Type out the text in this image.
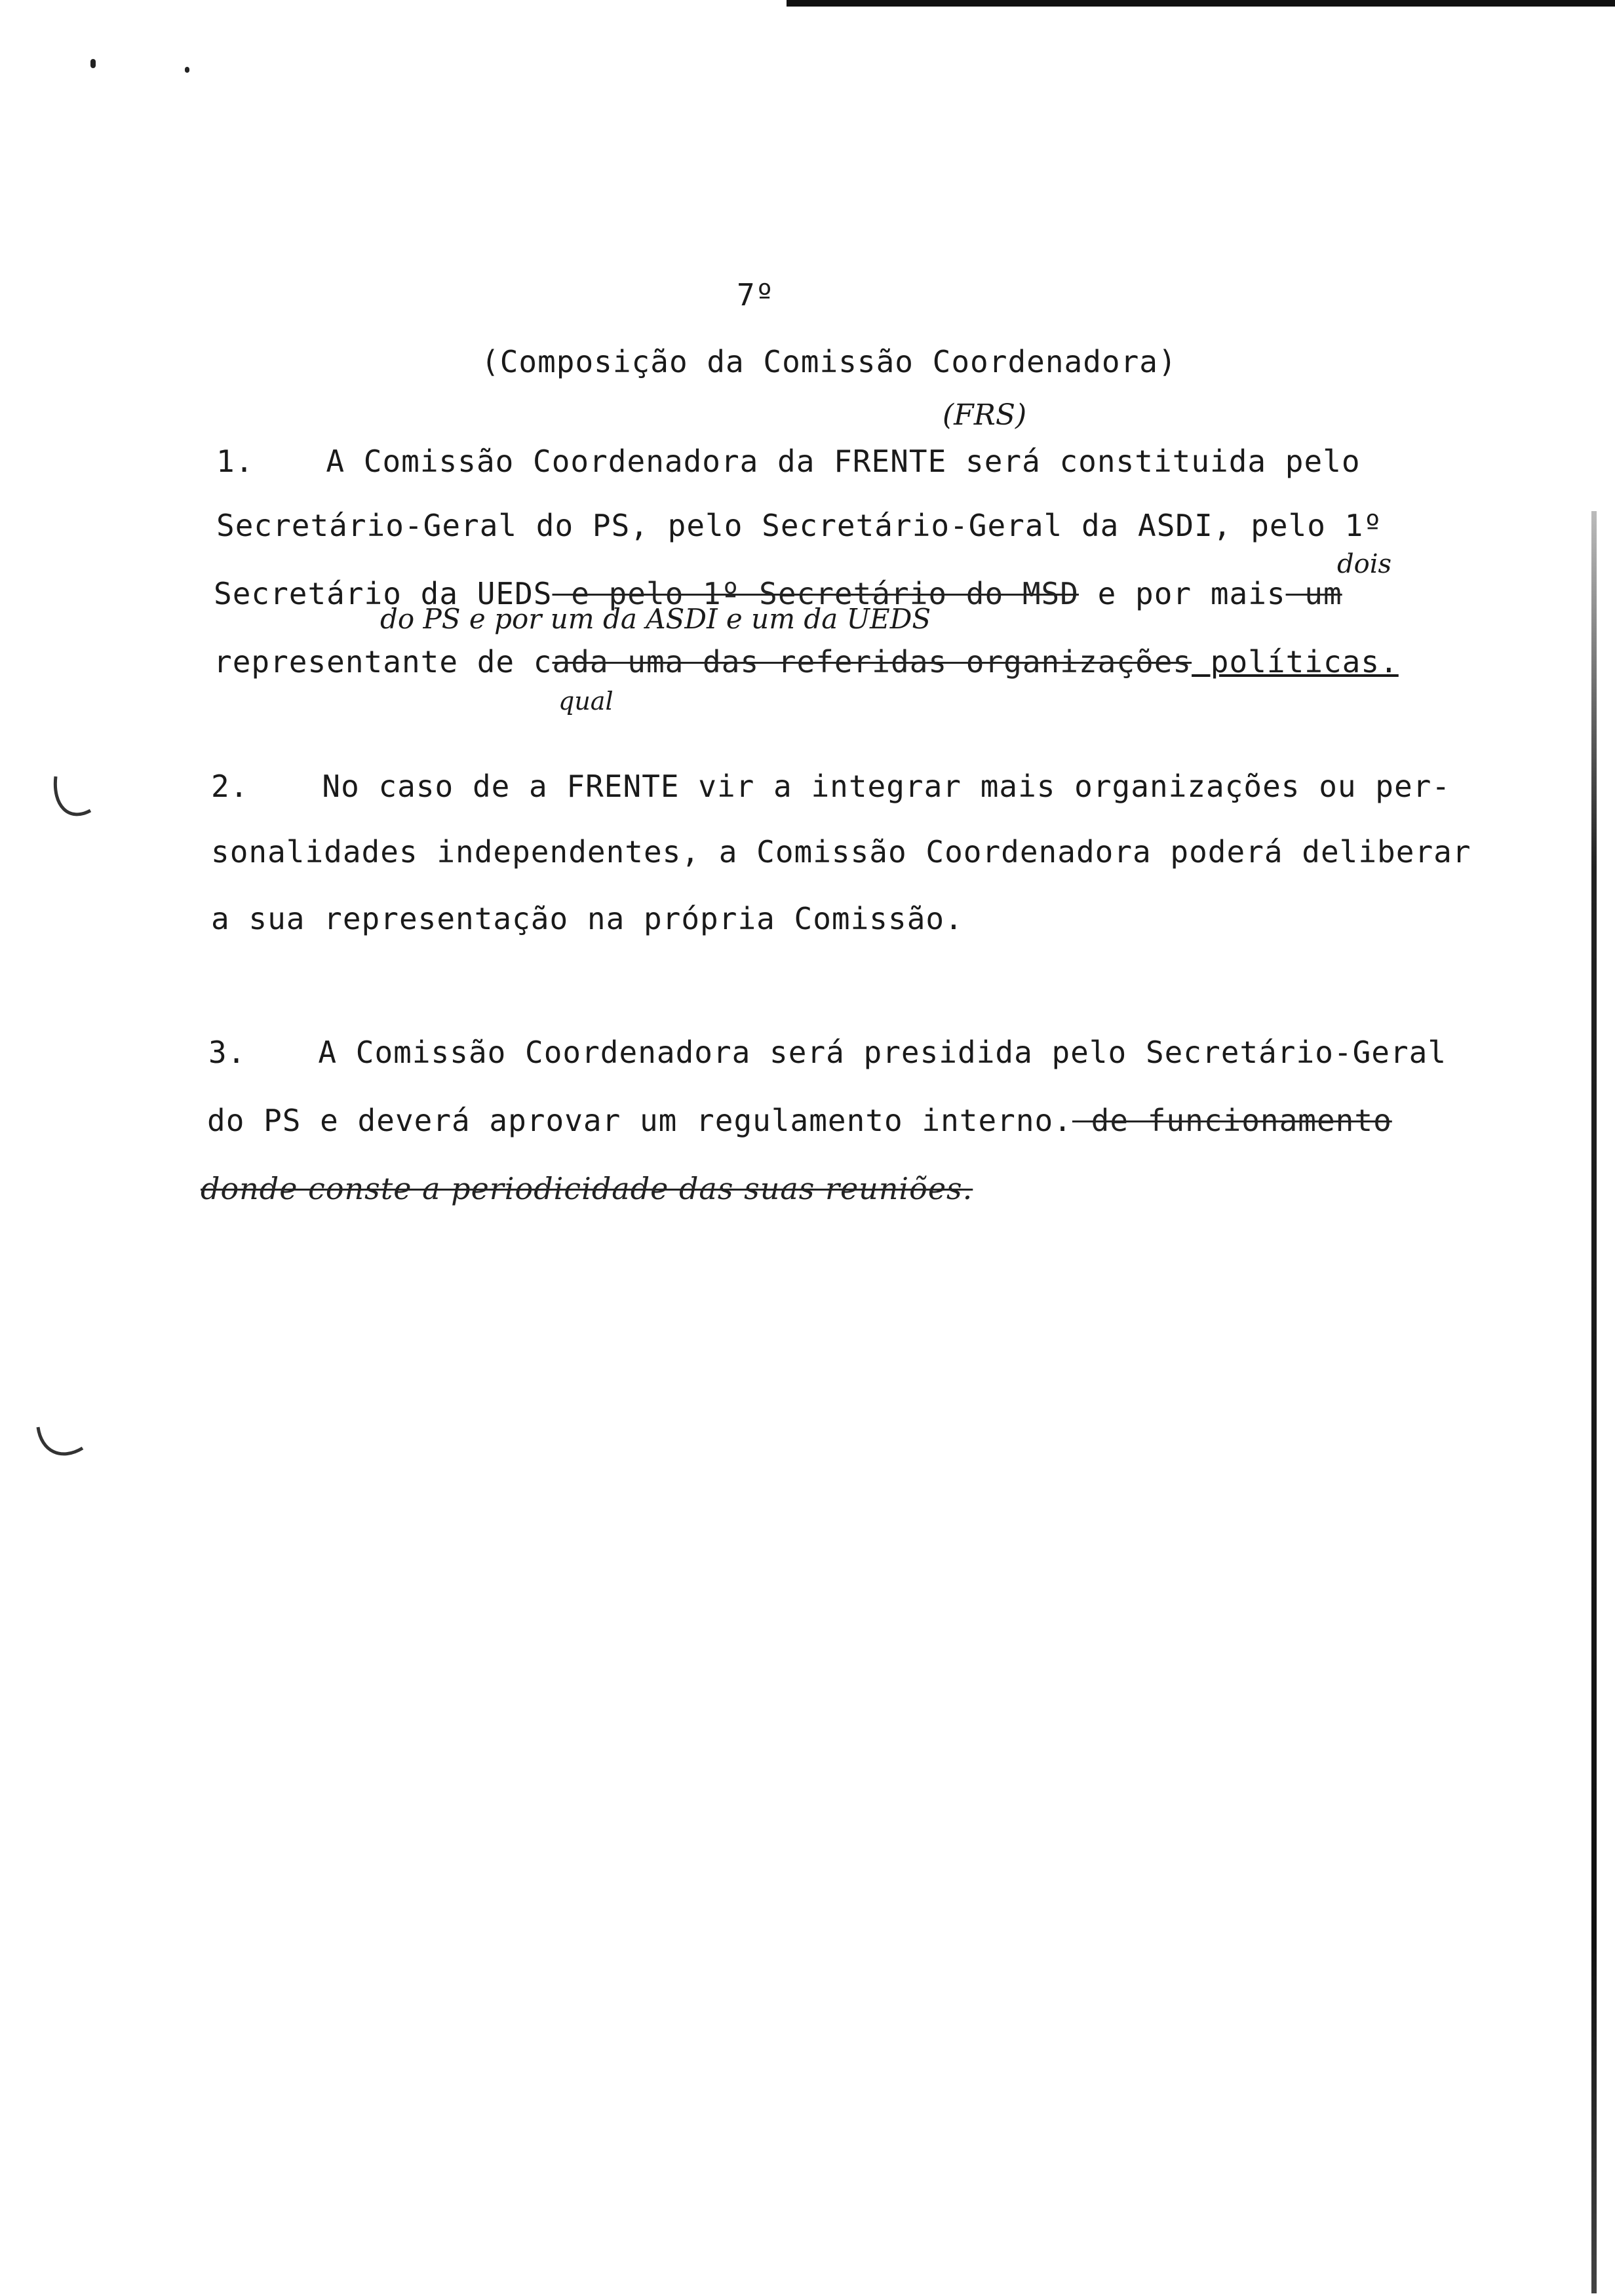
7º
(Composição da Comissão Coordenadora)
(FRS)
1. A Comissão Coordenadora da FRENTE será constituida pelo
Secretário-Geral do PS, pelo Secretário-Geral da ASDI, pelo 1º
dois
Secretário da UEDS e pelo 1º Secretário do MSD e por mais um
do PS e por um da ASDI e um da UEDS
representante de cada uma das referidas organizações políticas.
qual
2. No caso de a FRENTE vir a integrar mais organizações ou per-
sonalidades independentes, a Comissão Coordenadora poderá deliberar
a sua representação na própria Comissão.
3. A Comissão Coordenadora será presidida pelo Secretário-Geral
do PS e deverá aprovar um regulamento interno. de funcionamento
donde conste a periodicidade das suas reuniões.
